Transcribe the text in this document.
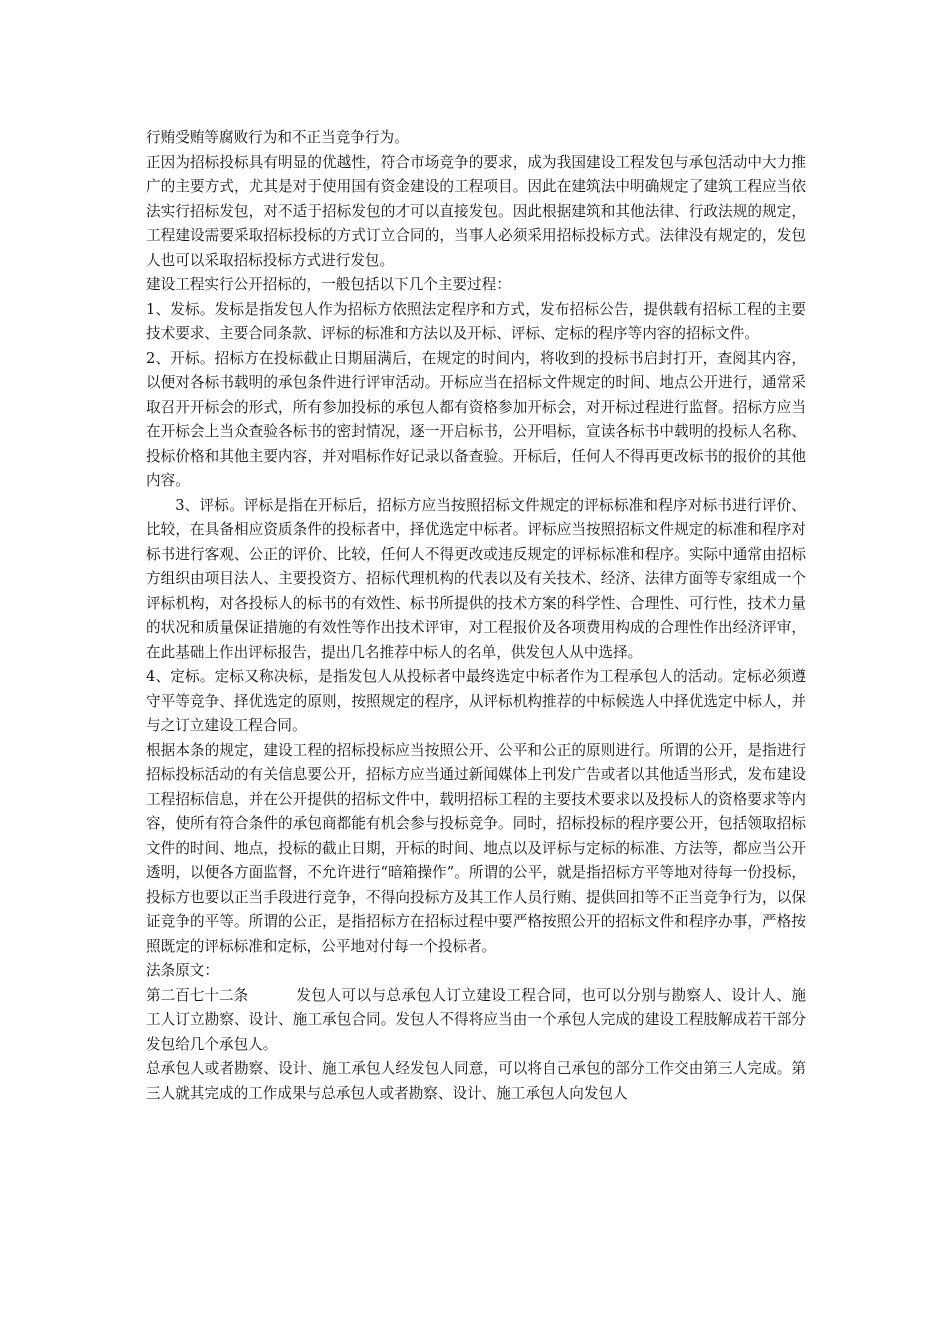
行贿受贿等腐败行为和不正当竞争行为。

正因为招标投标具有明显的优越性，符合市场竞争的要求，成为我国建设工程发包与承包活动中大力推广的主要方式，尤其是对于使用国有资金建设的工程项目。因此在建筑法中明确规定了建筑工程应当依法实行招标发包，对不适于招标发包的才可以直接发包。因此根据建筑和其他法律、行政法规的规定，工程建设需要采取招标投标的方式订立合同的，当事人必须采用招标投标方式。法律没有规定的，发包人也可以采取招标投标方式进行发包。

建设工程实行公开招标的，一般包括以下几个主要过程：

1、发标。发标是指发包人作为招标方依照法定程序和方式，发布招标公告，提供载有招标工程的主要技术要求、主要合同条款、评标的标准和方法以及开标、评标、定标的程序等内容的招标文件。

2、开标。招标方在投标截止日期届满后，在规定的时间内，将收到的投标书启封打开，查阅其内容，以便对各标书载明的承包条件进行评审活动。开标应当在招标文件规定的时间、地点公开进行，通常采取召开开标会的形式，所有参加投标的承包人都有资格参加开标会，对开标过程进行监督。招标方应当在开标会上当众查验各标书的密封情况，逐一开启标书，公开唱标，宣读各标书中载明的投标人名称、投标价格和其他主要内容，并对唱标作好记录以备查验。开标后，任何人不得再更改标书的报价的其他内容。

3、评标。评标是指在开标后，招标方应当按照招标文件规定的评标标准和程序对标书进行评价、比较，在具备相应资质条件的投标者中，择优选定中标者。评标应当按照招标文件规定的标准和程序对标书进行客观、公正的评价、比较，任何人不得更改或违反规定的评标标准和程序。实际中通常由招标方组织由项目法人、主要投资方、招标代理机构的代表以及有关技术、经济、法律方面等专家组成一个评标机构，对各投标人的标书的有效性、标书所提供的技术方案的科学性、合理性、可行性，技术力量的状况和质量保证措施的有效性等作出技术评审，对工程报价及各项费用构成的合理性作出经济评审，在此基础上作出评标报告，提出几名推荐中标人的名单，供发包人从中选择。

4、定标。定标又称决标，是指发包人从投标者中最终选定中标者作为工程承包人的活动。定标必须遵守平等竞争、择优选定的原则，按照规定的程序，从评标机构推荐的中标候选人中择优选定中标人，并与之订立建设工程合同。

根据本条的规定，建设工程的招标投标应当按照公开、公平和公正的原则进行。所谓的公开，是指进行招标投标活动的有关信息要公开，招标方应当通过新闻媒体上刊发广告或者以其他适当形式，发布建设工程招标信息，并在公开提供的招标文件中，载明招标工程的主要技术要求以及投标人的资格要求等内容，使所有符合条件的承包商都能有机会参与投标竞争。同时，招标投标的程序要公开，包括领取招标文件的时间、地点，投标的截止日期，开标的时间、地点以及评标与定标的标准、方法等，都应当公开透明，以便各方面监督，不允许进行“暗箱操作”。所谓的公平，就是指招标方平等地对待每一份投标，投标方也要以正当手段进行竞争，不得向投标方及其工作人员行贿、提供回扣等不正当竞争行为，以保证竞争的平等。所谓的公正，是指招标方在招标过程中要严格按照公开的招标文件和程序办事，严格按照既定的评标标准和定标，公平地对付每一个投标者。

法条原文：

第二百七十二条	发包人可以与总承包人订立建设工程合同，也可以分别与勘察人、设计人、施工人订立勘察、设计、施工承包合同。发包人不得将应当由一个承包人完成的建设工程肢解成若干部分发包给几个承包人。

总承包人或者勘察、设计、施工承包人经发包人同意，可以将自己承包的部分工作交由第三人完成。第三人就其完成的工作成果与总承包人或者勘察、设计、施工承包人向发包人
